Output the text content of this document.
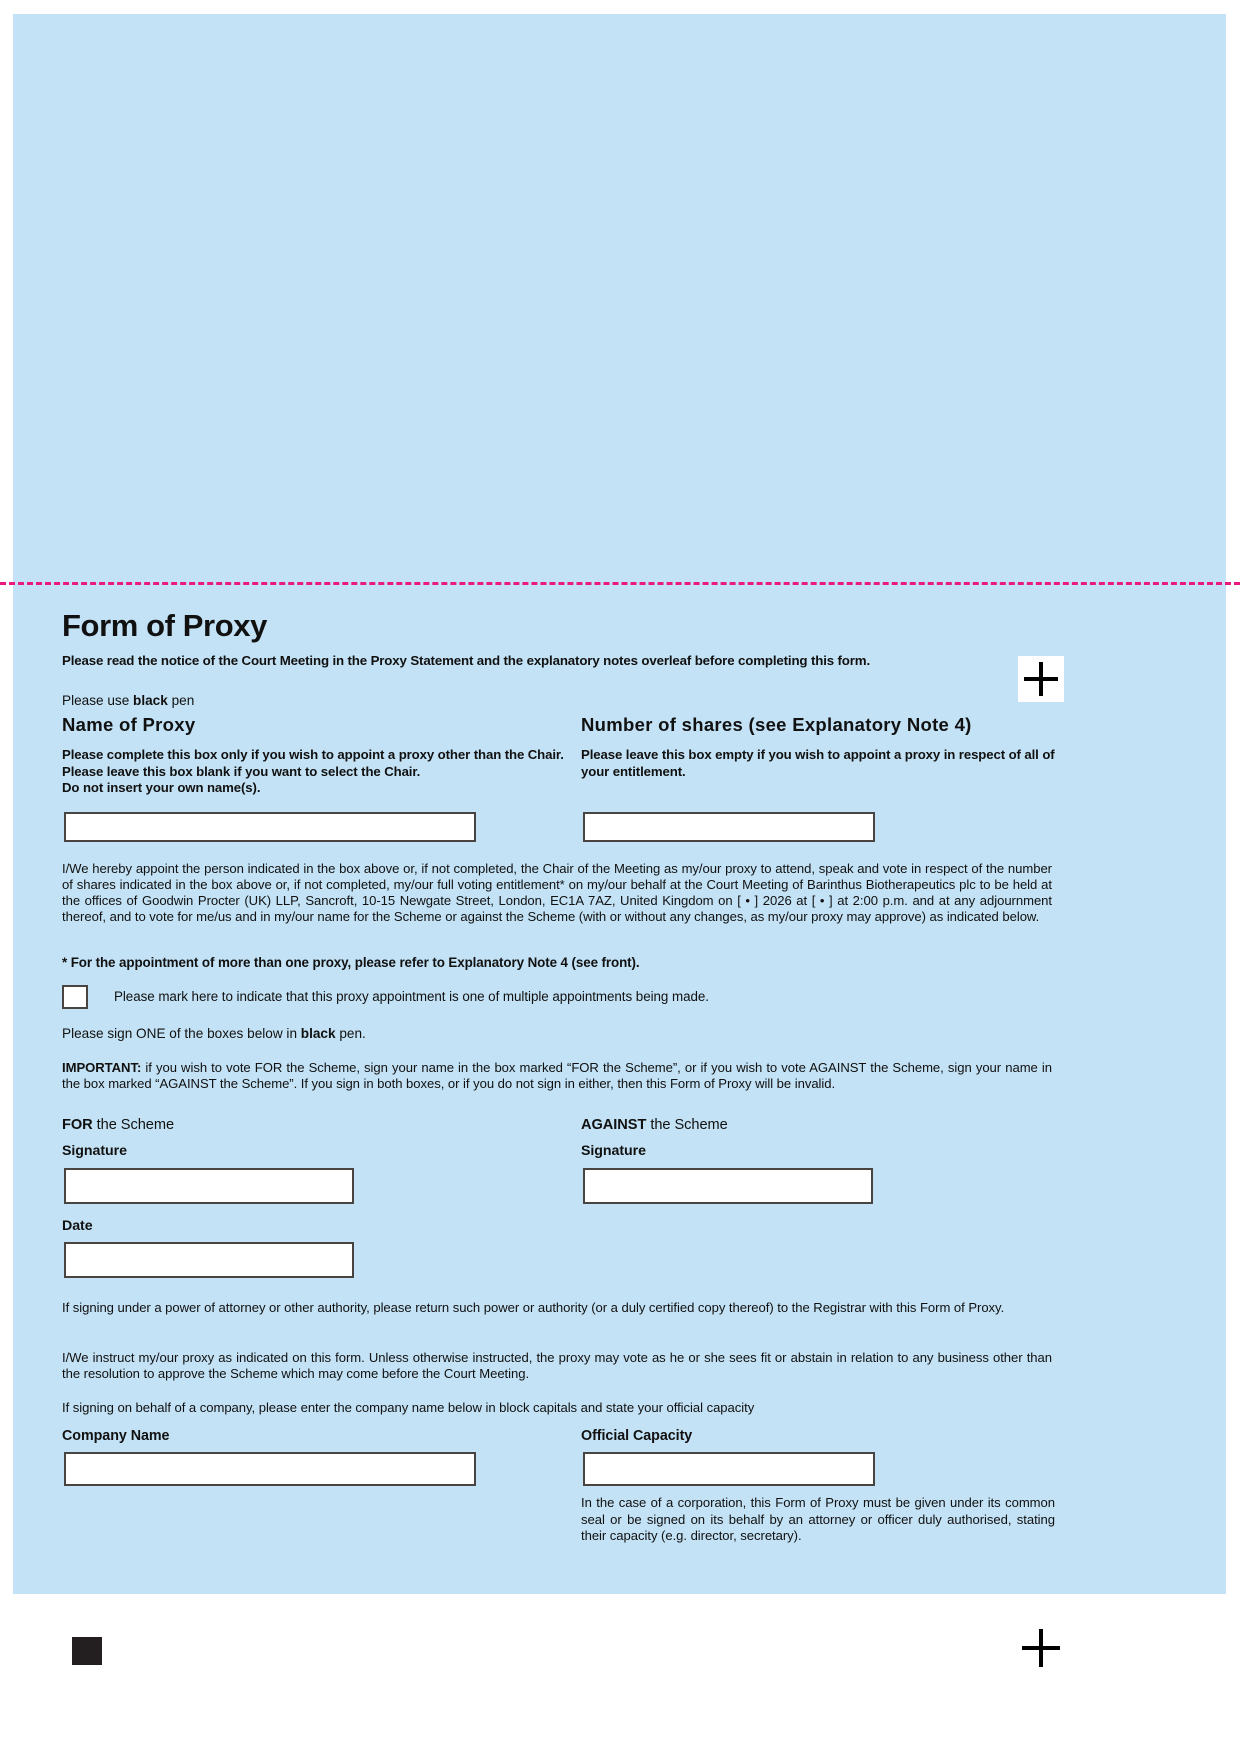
Form of Proxy
Please read the notice of the Court Meeting in the Proxy Statement and the explanatory notes overleaf before completing this form.
Please use black pen
Name of Proxy
Please complete this box only if you wish to appoint a proxy other than the Chair.
Please leave this box blank if you want to select the Chair.
Do not insert your own name(s).
Number of shares (see Explanatory Note 4)
Please leave this box empty if you wish to appoint a proxy in respect of all of your entitlement.
I/We hereby appoint the person indicated in the box above or, if not completed, the Chair of the Meeting as my/our proxy to attend, speak and vote in respect of the number of shares indicated in the box above or, if not completed, my/our full voting entitlement* on my/our behalf at the Court Meeting of Barinthus Biotherapeutics plc to be held at the offices of Goodwin Procter (UK) LLP, Sancroft, 10-15 Newgate Street, London, EC1A 7AZ, United Kingdom on [ • ] 2026 at [ • ] at 2:00 p.m. and at any adjournment thereof, and to vote for me/us and in my/our name for the Scheme or against the Scheme (with or without any changes, as my/our proxy may approve) as indicated below.
* For the appointment of more than one proxy, please refer to Explanatory Note 4 (see front).
Please mark here to indicate that this proxy appointment is one of multiple appointments being made.
Please sign ONE of the boxes below in black pen.
IMPORTANT: if you wish to vote FOR the Scheme, sign your name in the box marked “FOR the Scheme”, or if you wish to vote AGAINST the Scheme, sign your name in the box marked “AGAINST the Scheme”. If you sign in both boxes, or if you do not sign in either, then this Form of Proxy will be invalid.
FOR the Scheme	AGAINST the Scheme
Signature	Signature
Date
If signing under a power of attorney or other authority, please return such power or authority (or a duly certified copy thereof) to the Registrar with this Form of Proxy.
I/We instruct my/our proxy as indicated on this form. Unless otherwise instructed, the proxy may vote as he or she sees fit or abstain in relation to any business other than the resolution to approve the Scheme which may come before the Court Meeting.
If signing on behalf of a company, please enter the company name below in block capitals and state your official capacity
Company Name	Official Capacity
In the case of a corporation, this Form of Proxy must be given under its common seal or be signed on its behalf by an attorney or officer duly authorised, stating their capacity (e.g. director, secretary).
